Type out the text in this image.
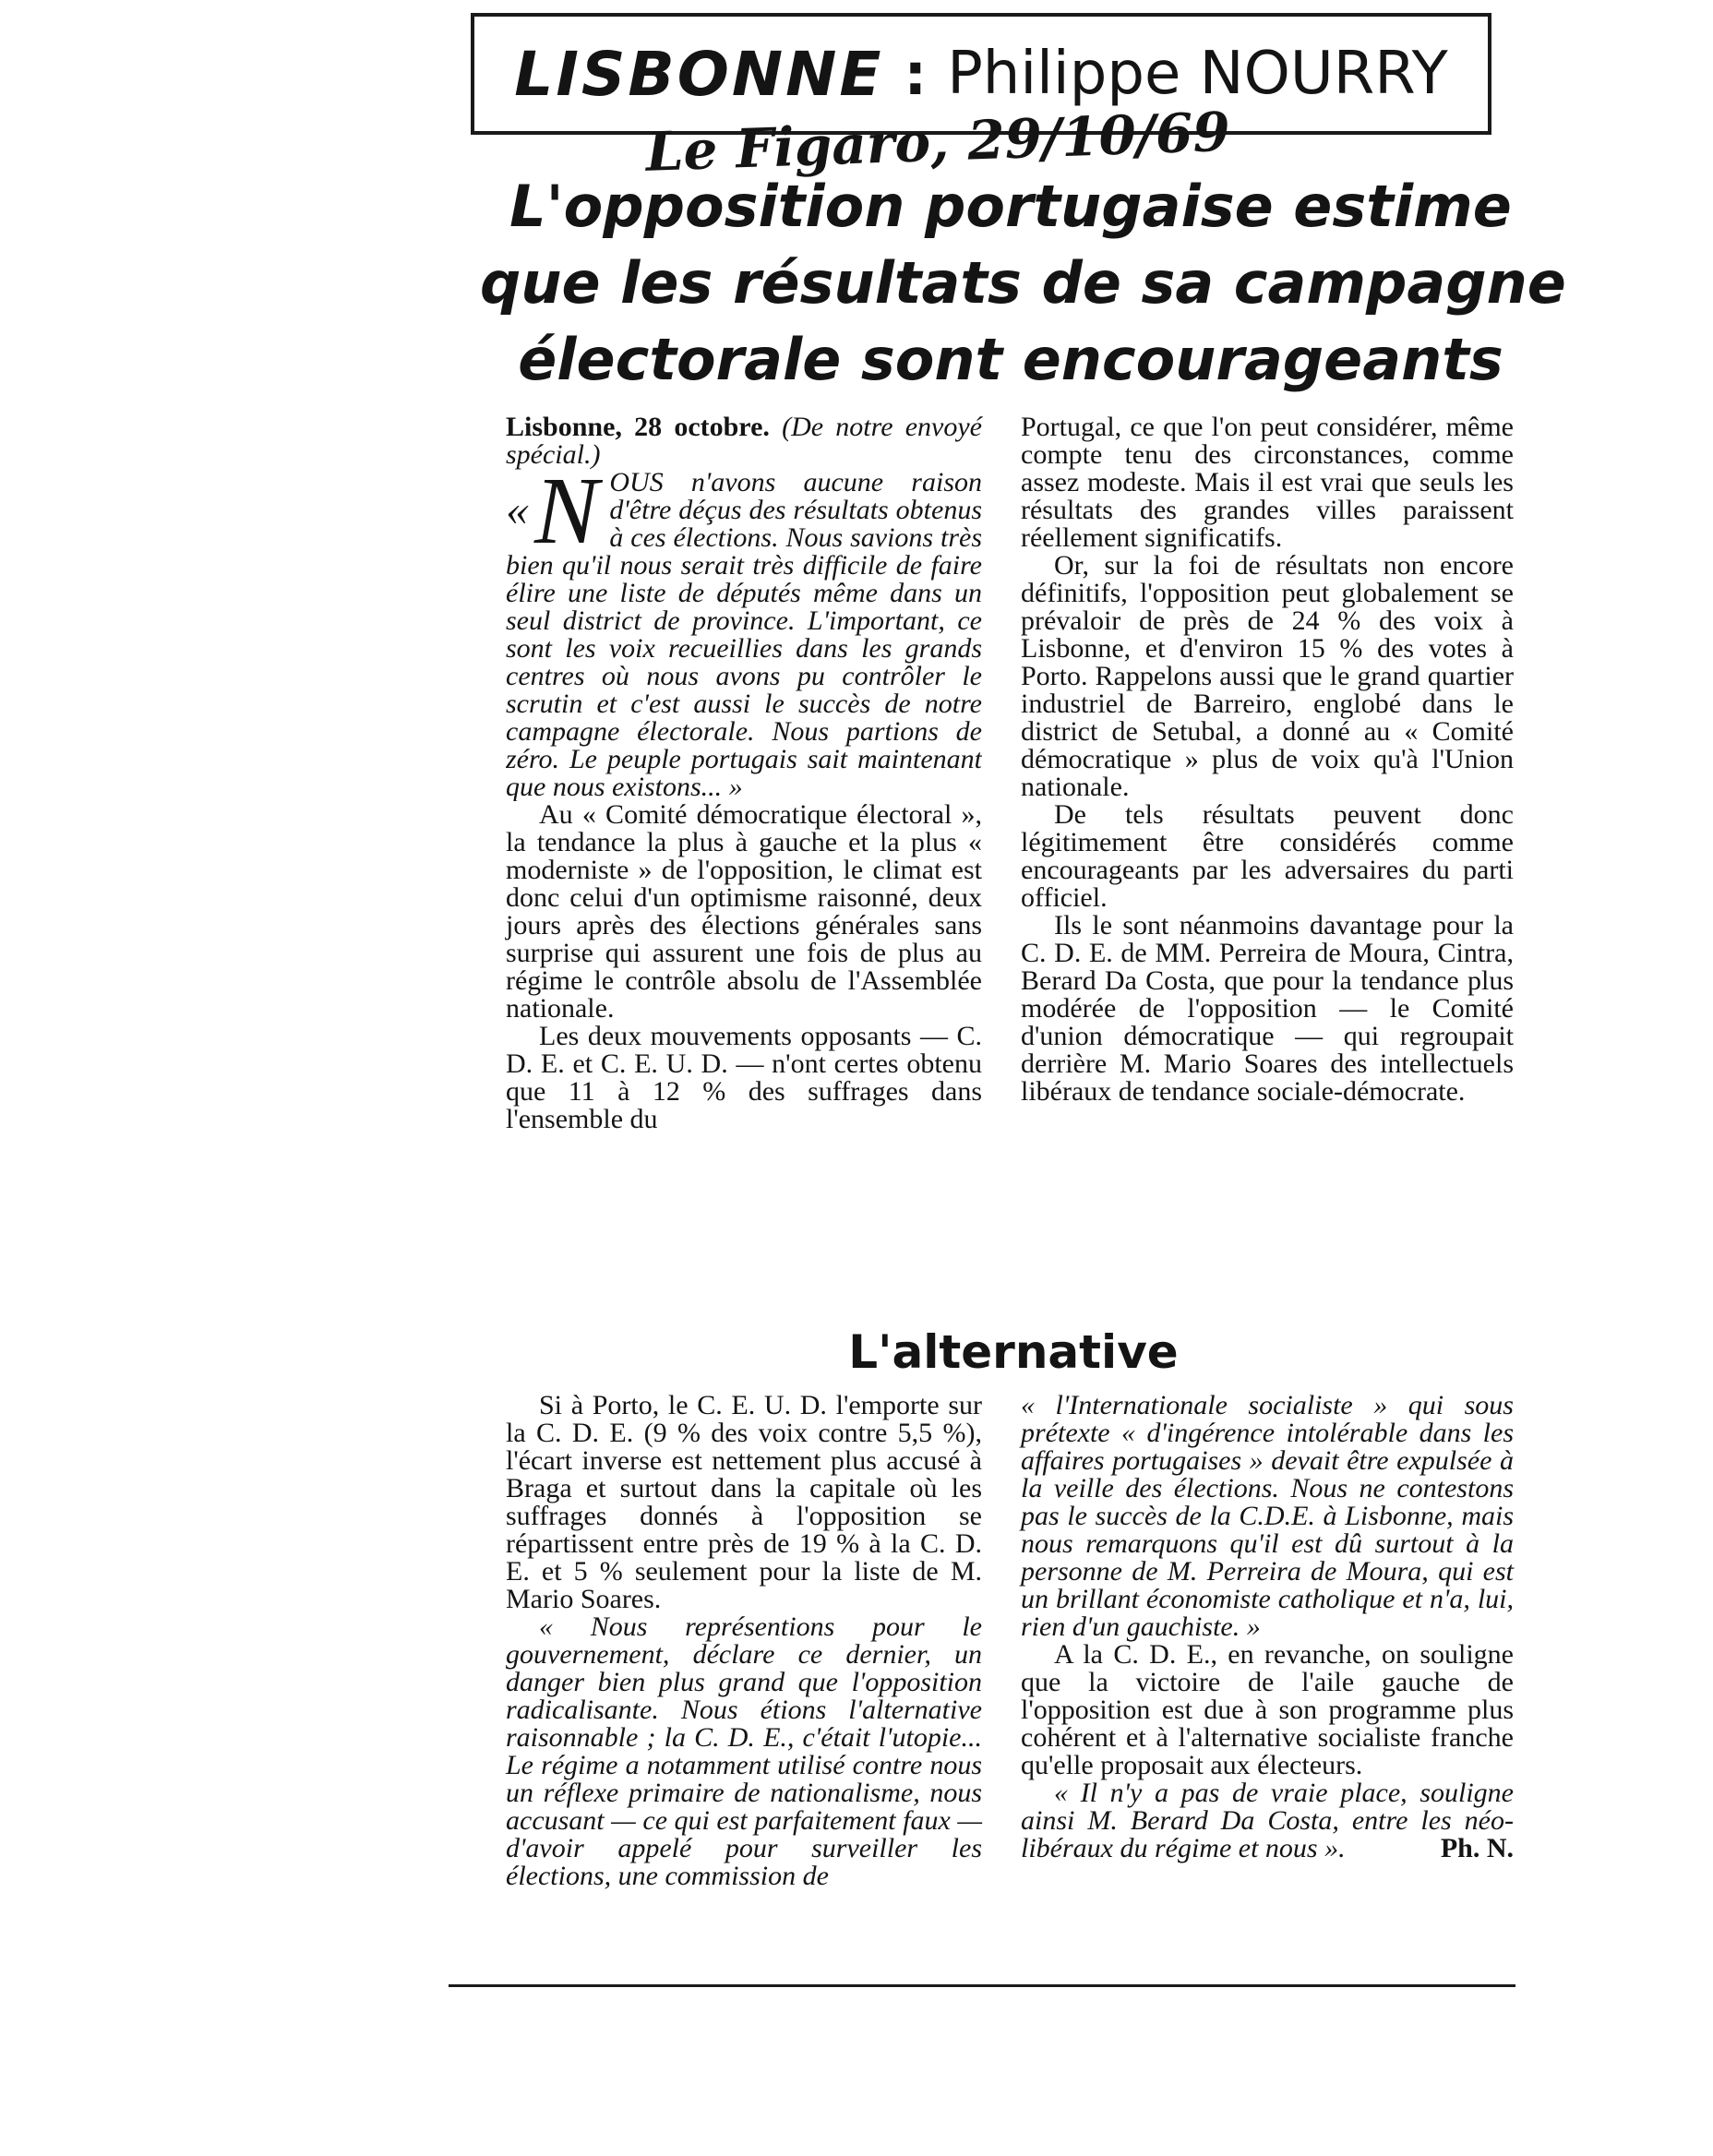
LISBONNE : Philippe NOURRY
Le Figaro, 29/10/69
L'opposition portugaise estime
que les résultats de sa campagne
électorale sont encourageants

Lisbonne, 28 octobre. (De notre envoyé spécial.)

« N OUS n'avons aucune raison d'être déçus des résultats obtenus à ces élections. Nous savions très bien qu'il nous serait très difficile de faire élire une liste de députés même dans un seul district de province. L'important, ce sont les voix recueillies dans les grands centres où nous avons pu contrôler le scrutin et c'est aussi le succès de notre campagne électorale. Nous partions de zéro. Le peuple portugais sait maintenant que nous existons... »

Au « Comité démocratique électoral », la tendance la plus à gauche et la plus « moderniste » de l'opposition, le climat est donc celui d'un optimisme raisonné, deux jours après des élections générales sans surprise qui assurent une fois de plus au régime le contrôle absolu de l'Assemblée nationale.

Les deux mouvements opposants — C. D. E. et C. E. U. D. — n'ont certes obtenu que 11 à 12 % des suffrages dans l'ensemble du

Portugal, ce que l'on peut considérer, même compte tenu des circonstances, comme assez modeste. Mais il est vrai que seuls les résultats des grandes villes paraissent réellement significatifs.

Or, sur la foi de résultats non encore définitifs, l'opposition peut globalement se prévaloir de près de 24 % des voix à Lisbonne, et d'environ 15 % des votes à Porto. Rappelons aussi que le grand quartier industriel de Barreiro, englobé dans le district de Setubal, a donné au « Comité démocratique » plus de voix qu'à l'Union nationale.

De tels résultats peuvent donc légitimement être considérés comme encourageants par les adversaires du parti officiel.

Ils le sont néanmoins davantage pour la C. D. E. de MM. Perreira de Moura, Cintra, Berard Da Costa, que pour la tendance plus modérée de l'opposition — le Comité d'union démocratique — qui regroupait derrière M. Mario Soares des intellectuels libéraux de tendance sociale-démocrate.

L'alternative

Si à Porto, le C. E. U. D. l'emporte sur la C. D. E. (9 % des voix contre 5,5 %), l'écart inverse est nettement plus accusé à Braga et surtout dans la capitale où les suffrages donnés à l'opposition se répartissent entre près de 19 % à la C. D. E. et 5 % seulement pour la liste de M. Mario Soares.

« Nous représentions pour le gouvernement, déclare ce dernier, un danger bien plus grand que l'opposition radicalisante. Nous étions l'alternative raisonnable ; la C. D. E., c'était l'utopie... Le régime a notamment utilisé contre nous un réflexe primaire de nationalisme, nous accusant — ce qui est parfaitement faux — d'avoir appelé pour surveiller les élections, une commission de

« l'Internationale socialiste » qui sous prétexte « d'ingérence intolérable dans les affaires portugaises » devait être expulsée à la veille des élections. Nous ne contestons pas le succès de la C.D.E. à Lisbonne, mais nous remarquons qu'il est dû surtout à la personne de M. Perreira de Moura, qui est un brillant économiste catholique et n'a, lui, rien d'un gauchiste. »

A la C. D. E., en revanche, on souligne que la victoire de l'aile gauche de l'opposition est due à son programme plus cohérent et à l'alternative socialiste franche qu'elle proposait aux électeurs.

« Il n'y a pas de vraie place, souligne ainsi M. Berard Da Costa, entre les néo-libéraux du régime et nous ».	Ph. N.
